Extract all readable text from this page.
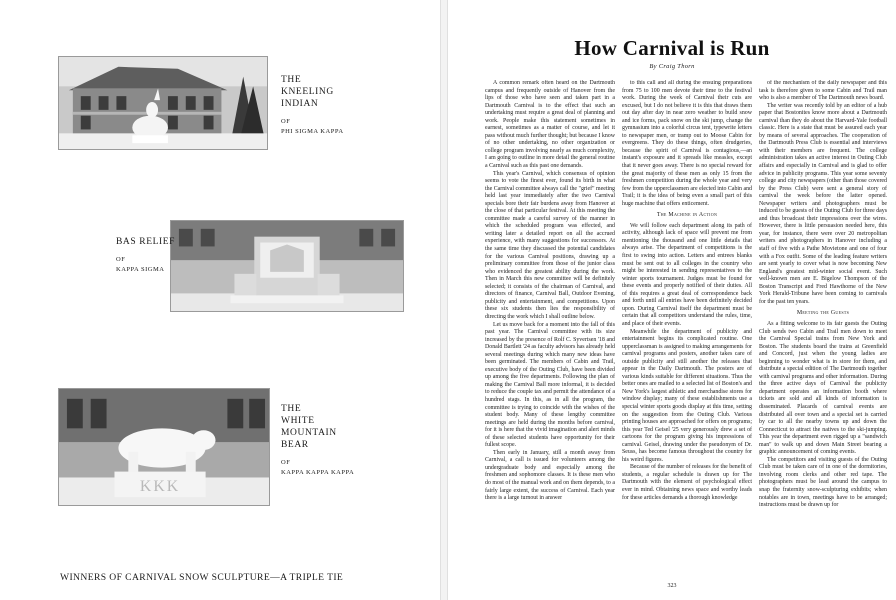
THE
KNEELING
INDIAN
OF
PHI SIGMA KAPPA
BAS RELIEF
OF
KAPPA SIGMA
KKK
THE
WHITE
MOUNTAIN
BEAR
OF
KAPPA KAPPA KAPPA
WINNERS OF CARNIVAL SNOW SCULPTURE—A TRIPLE TIE
How Carnival is Run
By Craig Thorn

A common remark often heard on the Dartmouth campus and frequently outside of Hanover from the lips of those who have seen and taken part in a Dartmouth Carnival is to the effect that such an undertaking must require a great deal of planning and work. People make this statement sometimes in earnest, sometimes as a matter of course, and let it pass without much further thought; but because I know of no other undertaking, no other organization or college program involving nearly as much complexity, I am going to outline in more detail the general routine a Carnival such as this past one demands.

This year's Carnival, which consensus of opinion seems to vote the finest ever, found its birth in what the Carnival committee always call the "grief" meeting held last year immediately after the two Carnival specials bore their fair burdens away from Hanover at the close of that particular festival. At this meeting the committee made a careful survey of the manner in which the scheduled program was effected, and writing later a detailed report on all the accrued experience, with many suggestions for successors. At the same time they discussed the potential candidates for the various Carnival positions, drawing up a preliminary committee from those of the junior class who evidenced the greatest ability during the work. Then in March this new committee will be definitely selected; it consists of the chairman of Carnival, and directors of finance, Carnival Ball, Outdoor Evening, publicity and entertainment, and competitions. Upon these six students then lies the responsibility of directing the work which I shall outline below.

Let us move back for a moment into the fall of this past year. The Carnival committee with its size increased by the presence of Rolf C. Syvertsen '18 and Donald Bartlett '24 as faculty advisors has already held several meetings during which many new ideas have been germinated. The members of Cabin and Trail, executive body of the Outing Club, have been divided up among the five departments. Following the plan of making the Carnival Ball more informal, it is decided to reduce the couple tax and permit the attendance of a hundred stags. In this, as in all the program, the committee is trying to coincide with the wishes of the student body. Many of these lengthy committee meetings are held during the months before carnival, for it is here that the vivid imagination and alert minds of these selected students have opportunity for their fullest scope.

Then early in January, still a month away from Carnival, a call is issued for volunteers among the undergraduate body and especially among the freshmen and sophomore classes. It is these men who do most of the manual work and on them depends, to a fairly large extent, the success of Carnival. Each year there is a large turnout in answer

to this call and all during the ensuing preparations from 75 to 100 men devote their time to the festival work. During the week of Carnival their cuts are excused, but I do not believe it is this that draws them out day after day in near zero weather to build snow and ice forms, pack snow on the ski jump, change the gymnasium into a colorful circus tent, typewrite letters to newspaper men, or tramp out to Moose Cabin for evergreens. They do these things, often drudgeries, because the spirit of Carnival is contagious,—an instant's exposure and it spreads like measles, except that it never goes away. There is no special reward for the great majority of these men as only 15 from the freshmen competition during the whole year and very few from the upperclassmen are elected into Cabin and Trail; it is the idea of being even a small part of this huge machine that offers enticement.

The Machine in Action

We will follow each department along its path of activity, although lack of space will prevent me from mentioning the thousand and one little details that always arise. The department of competitions is the first to swing into action. Letters and entrees blanks must be sent out to all colleges in the country who might be interested in sending representatives to the winter sports tournament. Judges must be found for these events and properly notified of their duties. All of this requires a great deal of correspondence back and forth until all entries have been definitely decided upon. During Carnival itself the department must be certain that all competitors understand the rules, time, and place of their events.

Meanwhile the department of publicity and entertainment begins its complicated routine. One upperclassman is assigned to making arrangements for carnival programs and posters, another takes care of outside publicity and still another the releases that appear in the Daily Dartmouth. The posters are of various kinds suitable for different situations. Thus the better ones are mailed to a selected list of Boston's and New York's largest athletic and merchandise stores for window display; many of these establishments use a special winter sports goods display at this time, setting on the suggestion from the Outing Club. Various printing houses are approached for offers on programs; this year Ted Geisel '25 very generously drew a set of cartoons for the program giving his impressions of carnival. Geisel, drawing under the pseudonym of Dr. Seuss, has become famous throughout the country for his weird figures.

Because of the number of releases for the benefit of students, a regular schedule is drawn up for The Dartmouth with the element of psychological effect ever in mind. Obtaining news space and worthy leads for these articles demands a thorough knowledge

of the mechanism of the daily newspaper and this task is therefore given to some Cabin and Trail man who is also a member of The Dartmouth news board.

The writer was recently told by an editor of a hub paper that Bostonites know more about a Dartmouth carnival than they do about the Harvard-Yale football classic. Here is a state that must be assured each year by means of several approaches. The cooperation of the Dartmouth Press Club is essential and interviews with their members are frequent. The college administration takes an active interest in Outing Club affairs and especially in Carnival and is glad to offer advice in publicity programs. This year some seventy college and city newspapers (other than those covered by the Press Club) were sent a general story of carnival the week before the latter opened. Newspaper writers and photographers must be induced to be guests of the Outing Club for three days and thus broadcast their impressions over the wires. However, there is little persuasion needed here, this year, for instance, there were over 20 metropolitan writers and photographers in Hanover including a staff of five with a Pathe Movietone and one of four with a Fox outfit. Some of the leading feature writers are sent yearly to cover what is now becoming New England's greatest mid-winter social event. Such well-known men are E. Bigelow Thompson of the Boston Transcript and Fred Hawthorne of the New York Herald-Tribune have been coming to carnivals for the past ten years.

Meeting the Guests

As a fitting welcome to its fair guests the Outing Club sends two Cabin and Trail men down to meet the Carnival Special trains from New York and Boston. The students board the trains at Greenfield and Concord, just when the young ladies are beginning to wonder what is in store for them, and distribute a special edition of The Dartmouth together with carnival programs and other information. During the three active days of Carnival the publicity department operates an information booth where tickets are sold and all kinds of information is disseminated. Placards of carnival events are distributed all over town and a special set is carried by car to all the nearby towns up and down the Connecticut to attract the natives to the ski-jumping. This year the department even rigged up a "sandwich man" to walk up and down Main Street bearing a graphic announcement of coming events.

The competitors and visiting guests of the Outing Club must be taken care of in one of the dormitories, involving room clerks and other red tape. The photographers must be lead around the campus to snap the fraternity snow-sculpturing exhibits; when notables are in town, meetings have to be arranged; instructions must be drawn up for

323
